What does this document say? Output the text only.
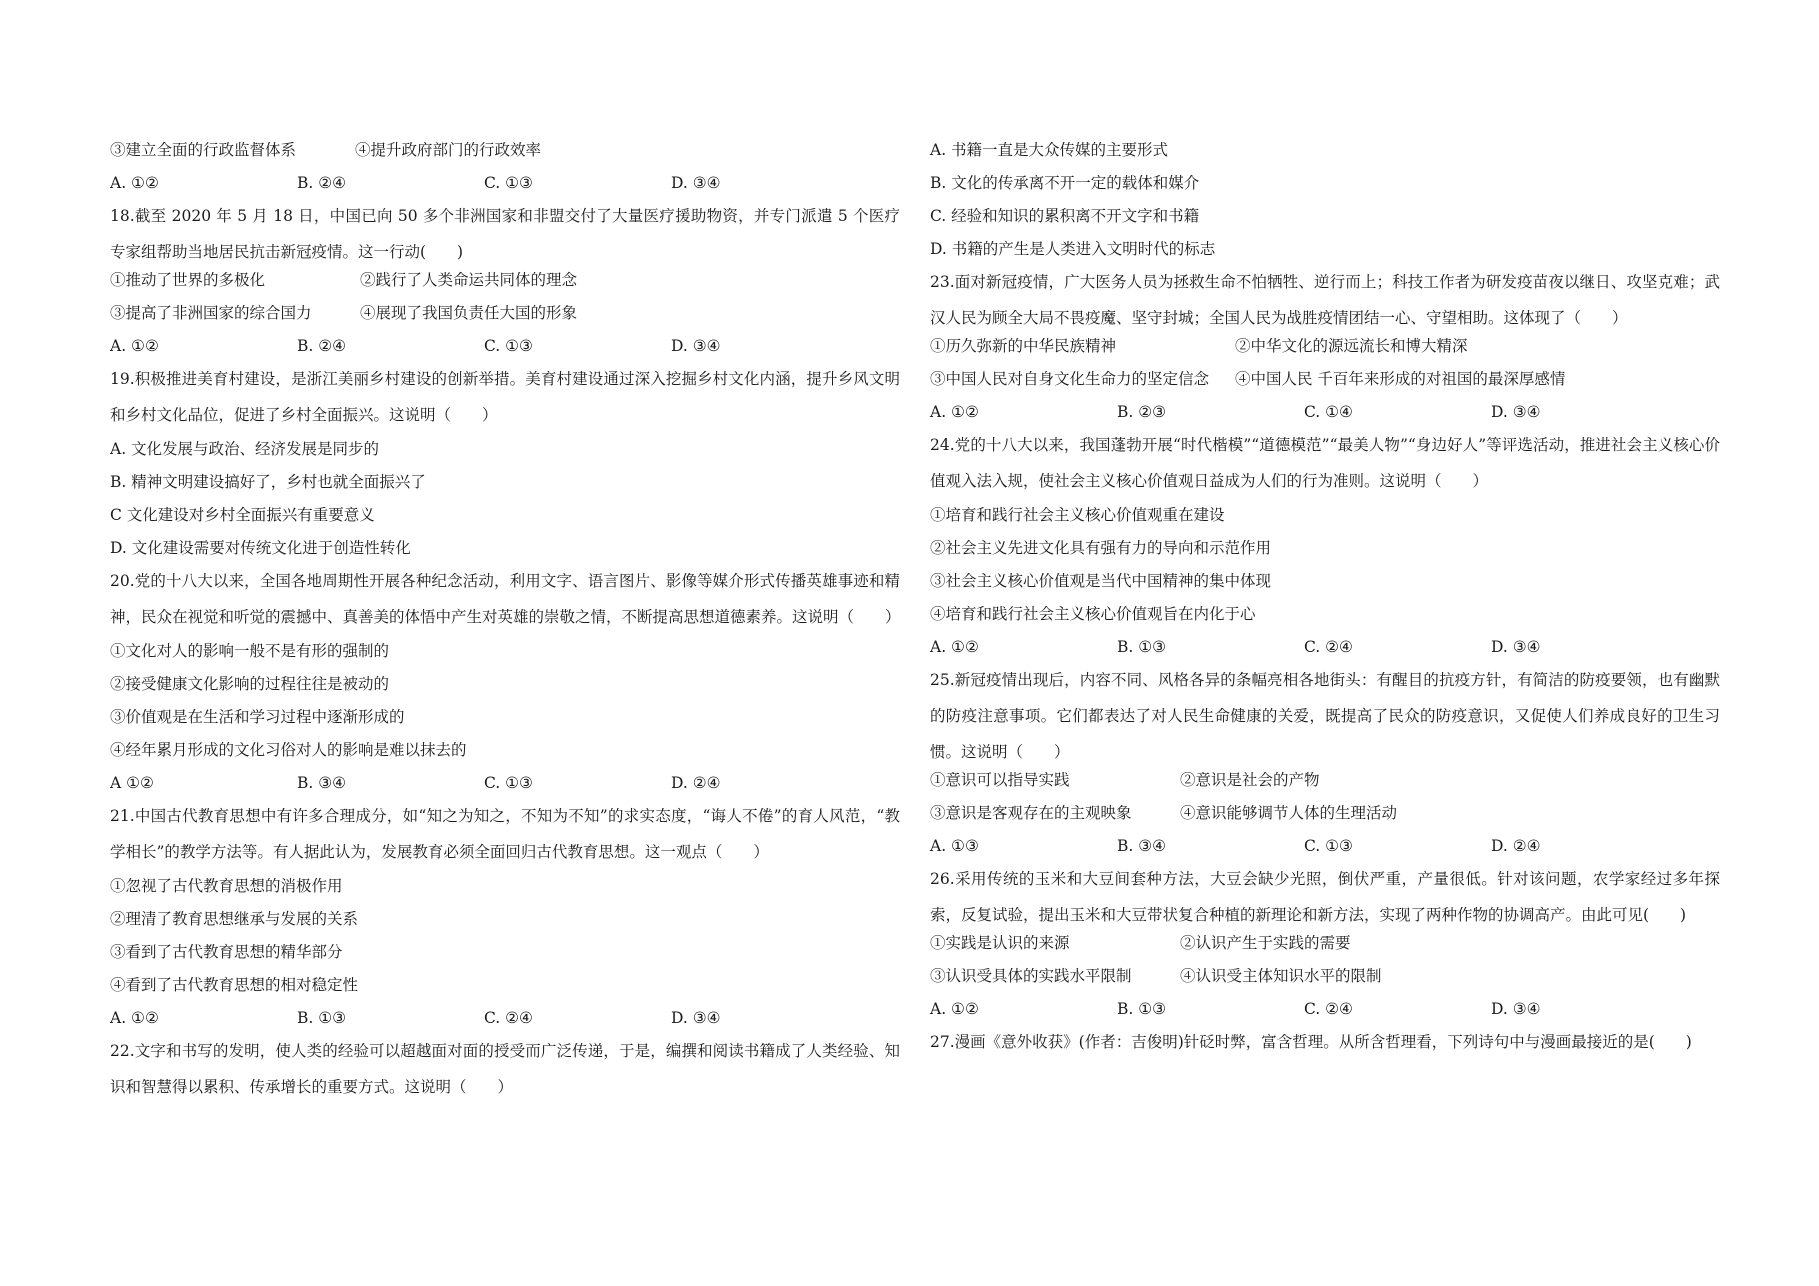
③建立全面的行政监督体系	④提升政府部门的行政效率
A. ①②	B. ②④	C. ①③	D. ③④
18.截至 2020 年 5 月 18 日，中国已向 50 多个非洲国家和非盟交付了大量医疗援助物资，并专门派遣 5 个医疗专家组帮助当地居民抗击新冠疫情。这一行动(　　)
①推动了世界的多极化	②践行了人类命运共同体的理念
③提高了非洲国家的综合国力	④展现了我国负责任大国的形象
A. ①②	B. ②④	C. ①③	D. ③④
19.积极推进美育村建设，是浙江美丽乡村建设的创新举措。美育村建设通过深入挖掘乡村文化内涵，提升乡风文明和乡村文化品位，促进了乡村全面振兴。这说明（　　）
A. 文化发展与政治、经济发展是同步的
B. 精神文明建设搞好了，乡村也就全面振兴了
C 文化建设对乡村全面振兴有重要意义
D. 文化建设需要对传统文化进于创造性转化
20.党的十八大以来，全国各地周期性开展各种纪念活动，利用文字、语言图片、影像等媒介形式传播英雄事迹和精神，民众在视觉和听觉的震撼中、真善美的体悟中产生对英雄的崇敬之情，不断提高思想道德素养。这说明（　　）
①文化对人的影响一般不是有形的强制的
②接受健康文化影响的过程往往是被动的
③价值观是在生活和学习过程中逐渐形成的
④经年累月形成的文化习俗对人的影响是难以抹去的
A ①②	B. ③④	C. ①③	D. ②④
21.中国古代教育思想中有许多合理成分，如“知之为知之，不知为不知”的求实态度，“诲人不倦”的育人风范，“教学相长”的教学方法等。有人据此认为，发展教育必须全面回归古代教育思想。这一观点（　　）
①忽视了古代教育思想的消极作用
②理清了教育思想继承与发展的关系
③看到了古代教育思想的精华部分
④看到了古代教育思想的相对稳定性
A. ①②	B. ①③	C. ②④	D. ③④
22.文字和书写的发明，使人类的经验可以超越面对面的授受而广泛传递，于是，编撰和阅读书籍成了人类经验、知识和智慧得以累积、传承增长的重要方式。这说明（　　）
A. 书籍一直是大众传媒的主要形式
B. 文化的传承离不开一定的载体和媒介
C. 经验和知识的累积离不开文字和书籍
D. 书籍的产生是人类进入文明时代的标志
23.面对新冠疫情，广大医务人员为拯救生命不怕牺牲、逆行而上；科技工作者为研发疫苗夜以继日、攻坚克难；武汉人民为顾全大局不畏疫魔、坚守封城；全国人民为战胜疫情团结一心、守望相助。这体现了（　　）
①历久弥新的中华民族精神	②中华文化的源远流长和博大精深
③中国人民对自身文化生命力的坚定信念	④中国人民 千百年来形成的对祖国的最深厚感情
A. ①②	B. ②③	C. ①④	D. ③④
24.党的十八大以来，我国蓬勃开展“时代楷模”“道德模范”“最美人物”“身边好人”等评选活动，推进社会主义核心价值观入法入规，使社会主义核心价值观日益成为人们的行为准则。这说明（　　）
①培育和践行社会主义核心价值观重在建设
②社会主义先进文化具有强有力的导向和示范作用
③社会主义核心价值观是当代中国精神的集中体现
④培育和践行社会主义核心价值观旨在内化于心
A. ①②	B. ①③	C. ②④	D. ③④
25.新冠疫情出现后，内容不同、风格各异的条幅亮相各地街头：有醒目的抗疫方针，有简洁的防疫要领，也有幽默的防疫注意事项。它们都表达了对人民生命健康的关爱，既提高了民众的防疫意识，又促使人们养成良好的卫生习惯。这说明（　　）
①意识可以指导实践	②意识是社会的产物
③意识是客观存在的主观映象	④意识能够调节人体的生理活动
A. ①③	B. ③④	C. ①③	D. ②④
26.采用传统的玉米和大豆间套种方法，大豆会缺少光照，倒伏严重，产量很低。针对该问题，农学家经过多年探索，反复试验，提出玉米和大豆带状复合种植的新理论和新方法，实现了两种作物的协调高产。由此可见(　　)
①实践是认识的来源	②认识产生于实践的需要
③认识受具体的实践水平限制	④认识受主体知识水平的限制
A. ①②	B. ①③	C. ②④	D. ③④
27.漫画《意外收获》(作者：吉俊明)针砭时弊，富含哲理。从所含哲理看，下列诗句中与漫画最接近的是(　　)
